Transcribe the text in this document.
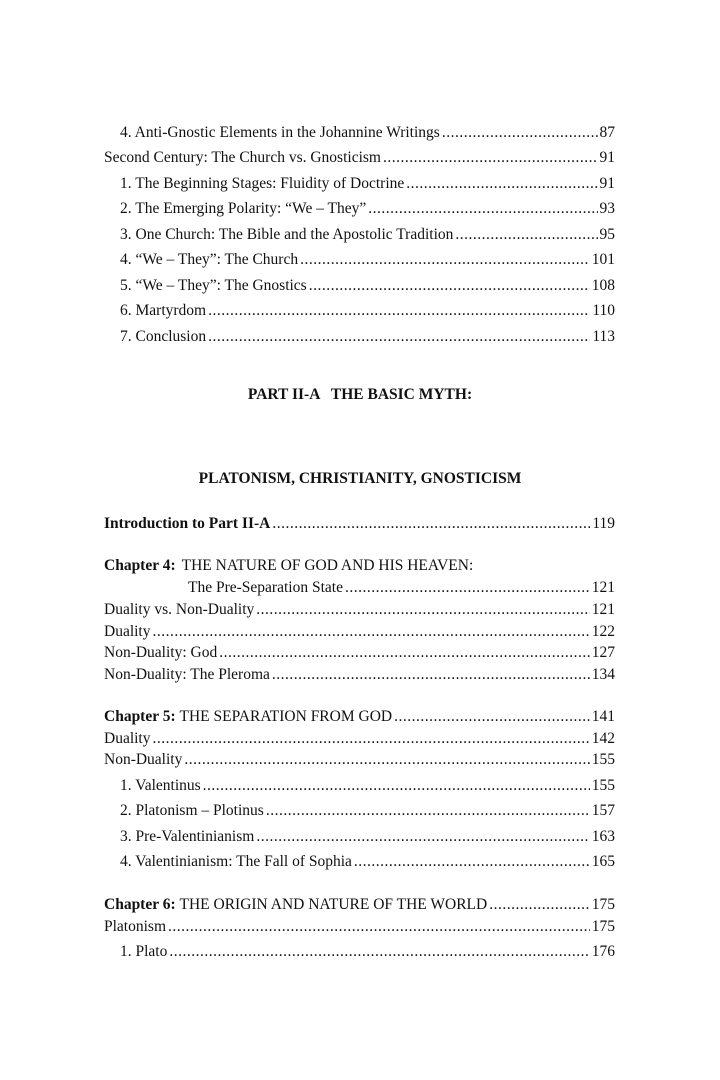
4. Anti-Gnostic Elements in the Johannine Writings .....	87
Second Century: The Church vs. Gnosticism .....	91
1. The Beginning Stages: Fluidity of Doctrine .....	91
2. The Emerging Polarity: “We – They” .....	93
3. One Church: The Bible and the Apostolic Tradition .....	95
4. “We – They”: The Church .....	101
5. “We – They”: The Gnostics .....	108
6. Martyrdom .....	110
7. Conclusion .....	113
Introduction to Part II-A .....	119
Chapter 4: THE NATURE OF GOD AND HIS HEAVEN:
The Pre-Separation State .....	121
Duality vs. Non-Duality .....	121
Duality .....	122
Non-Duality: God .....	127
Non-Duality: The Pleroma .....	134
Chapter 5: THE SEPARATION FROM GOD .....	141
Duality .....	142
Non-Duality .....	155
1. Valentinus .....	155
2. Platonism – Plotinus .....	157
3. Pre-Valentinianism .....	163
4. Valentinianism: The Fall of Sophia .....	165
Chapter 6: THE ORIGIN AND NATURE OF THE WORLD .....	175
Platonism .....	175
1. Plato .....	176
PART II-A   THE BASIC MYTH:
PLATONISM, CHRISTIANITY, GNOSTICISM
